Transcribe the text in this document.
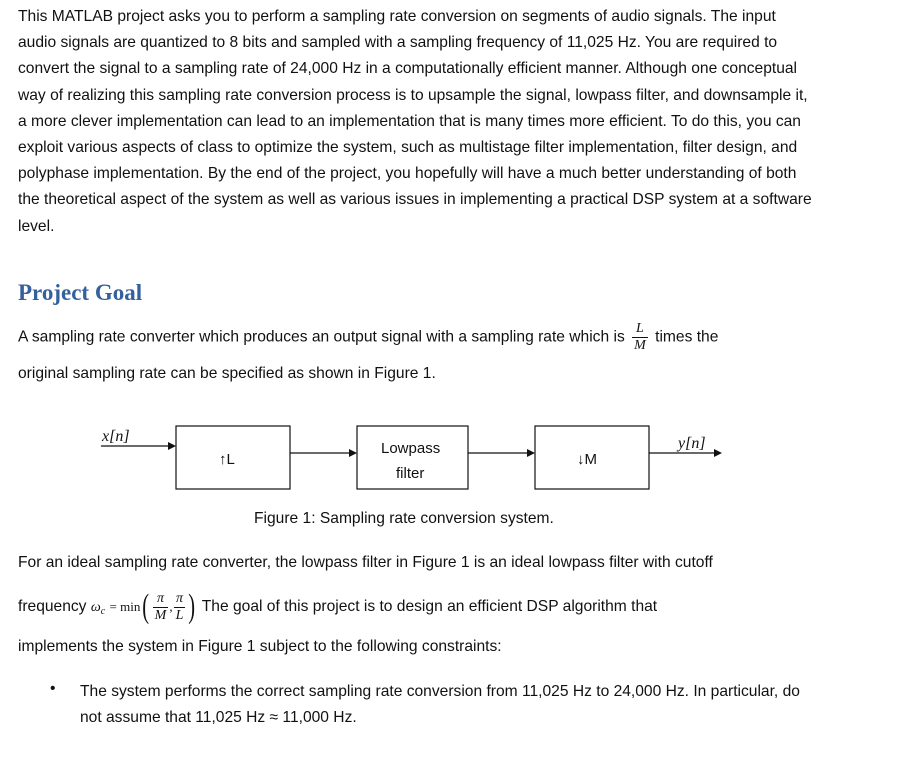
This MATLAB project asks you to perform a sampling rate conversion on segments of audio signals. The input audio signals are quantized to 8 bits and sampled with a sampling frequency of 11,025 Hz. You are required to convert the signal to a sampling rate of 24,000 Hz in a computationally efficient manner. Although one conceptual way of realizing this sampling rate conversion process is to upsample the signal, lowpass filter, and downsample it, a more clever implementation can lead to an implementation that is many times more efficient. To do this, you can exploit various aspects of class to optimize the system, such as multistage filter implementation, filter design, and polyphase implementation. By the end of the project, you hopefully will have a much better understanding of both the theoretical aspect of the system as well as various issues in implementing a practical DSP system at a software level.

Project Goal

A sampling rate converter which produces an output signal with a sampling rate which is $\frac{L}{M}$ times the

original sampling rate can be specified as shown in Figure 1.

x[n]
↑L
Lowpass
filter
↓M
y[n]

Figure 1: Sampling rate conversion system.

For an ideal sampling rate converter, the lowpass filter in Figure 1 is an ideal lowpass filter with cutoff

frequency $\omega c = \min( \frac{\pi}{M}$ , $\frac{\pi}{L}$ ) The goal of this project is to design an efficient DSP algorithm that

implements the system in Figure 1 subject to the following constraints:

• The system performs the correct sampling rate conversion from 11,025 Hz to 24,000 Hz. In particular, do not assume that 11,025 Hz ≈ 11,000 Hz.
